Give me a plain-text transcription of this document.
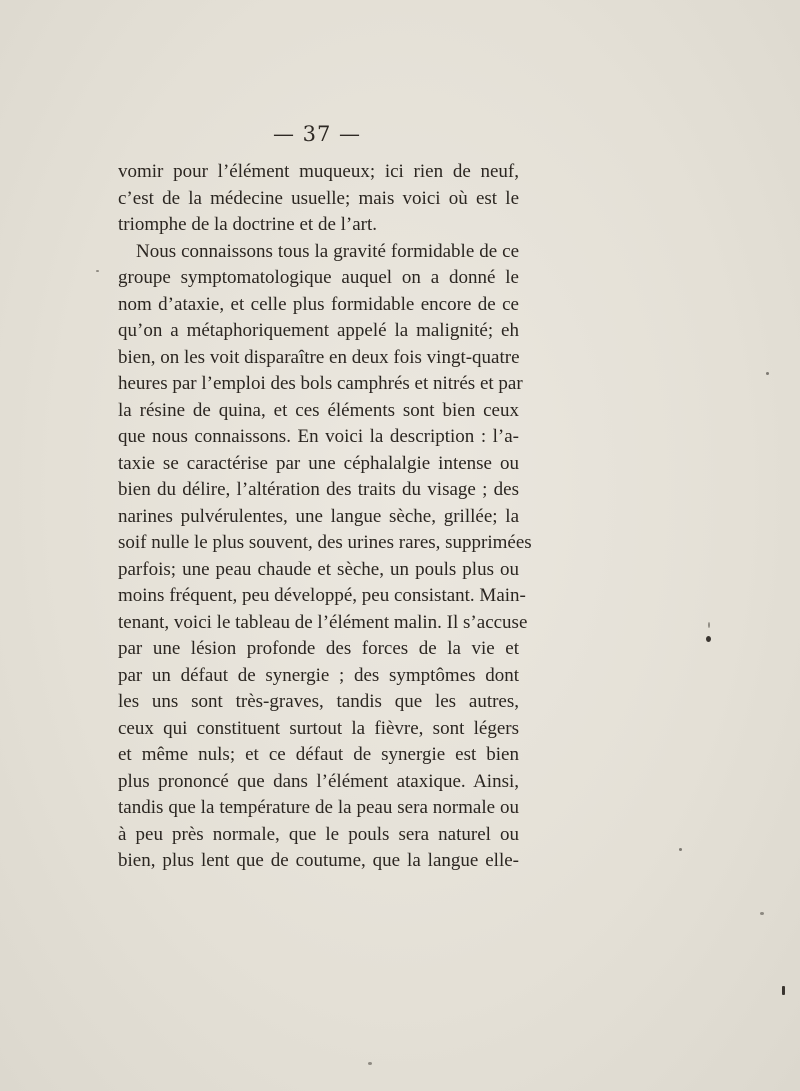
— 37 —
vomir pour l’élément muqueux; ici rien de neuf,
c’est de la médecine usuelle; mais voici où est le
triomphe de la doctrine et de l’art.
Nous connaissons tous la gravité formidable de ce
groupe symptomatologique auquel on a donné le
nom d’ataxie, et celle plus formidable encore de ce
qu’on a métaphoriquement appelé la malignité; eh
bien, on les voit disparaître en deux fois vingt-quatre
heures par l’emploi des bols camphrés et nitrés et par
la résine de quina, et ces éléments sont bien ceux
que nous connaissons. En voici la description : l’a-
taxie se caractérise par une céphalalgie intense ou
bien du délire, l’altération des traits du visage ; des
narines pulvérulentes, une langue sèche, grillée; la
soif nulle le plus souvent, des urines rares, supprimées
parfois; une peau chaude et sèche, un pouls plus ou
moins fréquent, peu développé, peu consistant. Main-
tenant, voici le tableau de l’élément malin. Il s’accuse
par une lésion profonde des forces de la vie et
par un défaut de synergie ; des symptômes dont
les uns sont très-graves, tandis que les autres,
ceux qui constituent surtout la fièvre, sont légers
et même nuls; et ce défaut de synergie est bien
plus prononcé que dans l’élément ataxique. Ainsi,
tandis que la température de la peau sera normale ou
à peu près normale, que le pouls sera naturel ou
bien, plus lent que de coutume, que la langue elle-
